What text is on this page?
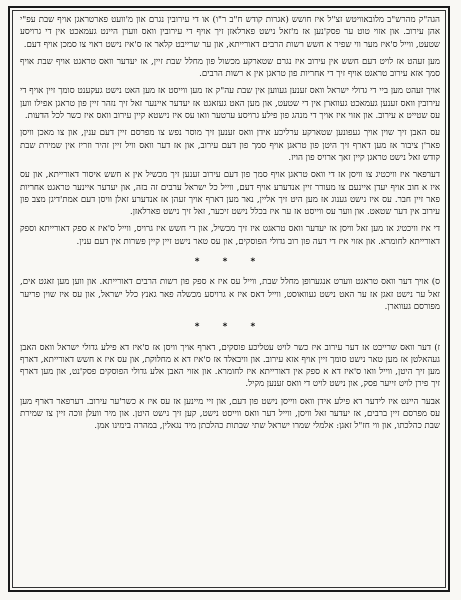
הגה"ק מהרש"ב מלובאוויטש זצ"ל איז חושש (אגרות קודש ח"ב ר"ו) או די עירובין נגרם און מ'וועט פארטראגן אויף שבת עפ"י אהן עירוב. און אזוי טוט ער פסק'נען אז מ'זאל נישט פארלאזן זיך אויף די עירובין וואס ווערן היינט געמאכט אין די גרויסע שטעט, ווייל ס'איז מער ווי שפיר א חשש רשות הרבים דאורייתא, און ער שרייבט קלאר אז ס'איז נישט ראוי צו סמכן אויף דעם.

מען זעהט אז לויט דעם חשש אין עירוב איז נגרם שטארקע מכשול פון מחלל שבת זיין, אז יעדער וואס טראגט אויף שבת אויף סמך אזא עירוב טראגט אויף זיך די אחריות פון טראגן אין א רשות הרבים.

אויך זעהט מען ביי די גדולי ישראל וואס זענען געווען אין שבת עה"ק אז מען ווייסט אז מען האט נישט געקענט סומך זיין אויף די עירובין וואס זענען געמאכט געווארן אין די שטעט, און מען האט געזאגט אז יעדער איינער זאל זיך נזהר זיין פון טראגן אפילו ווען עס שטייט א עירוב. און אזוי איז אויך די מנהג פון פילע גרויסע ערטער וואו עס איז נישטא קיין עירוב וואס איז כשר לכל הדעות.

עס האבן זיך שוין אויך געפונען שטארקע ערליכע אידן וואס זענען זיך מוסר נפש צו מפרסם זיין דעם ענין, און צו מאכן וויסן פאר'ן ציבור אז מען דארף זיך היטן פון טראגן אויף סמך פון דעם עירוב, און אז דער וואס וויל זיין זהיר וזריז אין שמירת שבת קודש זאל נישט טראגן קיין זאך ארויס פון הויז.

דערפאר איז וויכטיג צו וויסן אז די וואס טראגן אויף סמך פון דעם עירוב זענען זיך מכשיל אין א חשש איסור דאורייתא, און עס איז א חוב אויף יעדן איינעם צו מעורר זיין אנדערע אויף דעם, ווייל כל ישראל ערבים זה בזה, און יעדער איינער טראגט אחריות פאר זיין חבר. עס איז נישט גענוג אז מען היט זיך אליין, נאר מען דארף אויך זעהן אז אנדערע זאלן וויסן דעם אמת'דיגן מצב פון עירוב אין דער שטאט. און ווער עס ווייסט אז ער איז בכלל נישט זיכער, זאל זיך נישט פארלאזן.

די איז וויכטיג אז מען זאל וויסן אז יעדער וואס טראגט איז זיך מכשיל, און די חשש איז גרויס, ווייל ס'איז א ספק דאורייתא וספק דאורייתא לחומרא. און אזוי איז די דעה פון רוב גדולי הפוסקים, און עס טאר נישט זיין קיין פשרות אין דעם ענין.

* * *

ס) אויך דער וואס טראגט ווערט אנגערופן מחלל שבת, ווייל עס איז א ספק פון רשות הרבים דאורייתא. און ווען מען זאגט אים, זאל ער נישט זאגן אז ער האט נישט געוואוסט, ווייל דאס איז א גרויסע מכשלה פאר גאנץ כלל ישראל, און עס איז שוין פריער מפורסם געווארן.

* * *

ז) דער וואס שרייבט אז דער עירוב איז כשר לויט עטליכע פוסקים, דארף אויך וויסן אז ס'איז דא פילע גדולי ישראל וואס האבן געהאלטן אז מען טאר נישט סומך זיין אויף אזא עירוב. און וויבאלד אז ס'איז דא א מחלוקת, און עס איז א חשש דאורייתא, דארף מען זיך היטן, ווייל וואו ס'איז דא א ספק אין דאורייתא איז לחומרא. און אזוי האבן אלע גדולי הפוסקים פסק'נט, און מען דארף זיך פירן לויט זייער פסק, און נישט לויט די וואס זענען מקיל.

אבער היינט איז לידער דא פילע אידן וואס ווייסן נישט פון דעם, און זיי מיינען אז עס איז א כשר'ער עירוב. דערפאר דארף מען עס מפרסם זיין ברבים, אז יעדער זאל וויסן, ווייל דער וואס ווייסט נישט, קען זיך נישט היטן. און מיר וועלן זוכה זיין צו שמירת שבת כהלכתו, און ווי חז"ל זאגן: אלמלי שמרו ישראל שתי שבתות כהלכתן מיד נגאלין, במהרה בימינו אמן.
